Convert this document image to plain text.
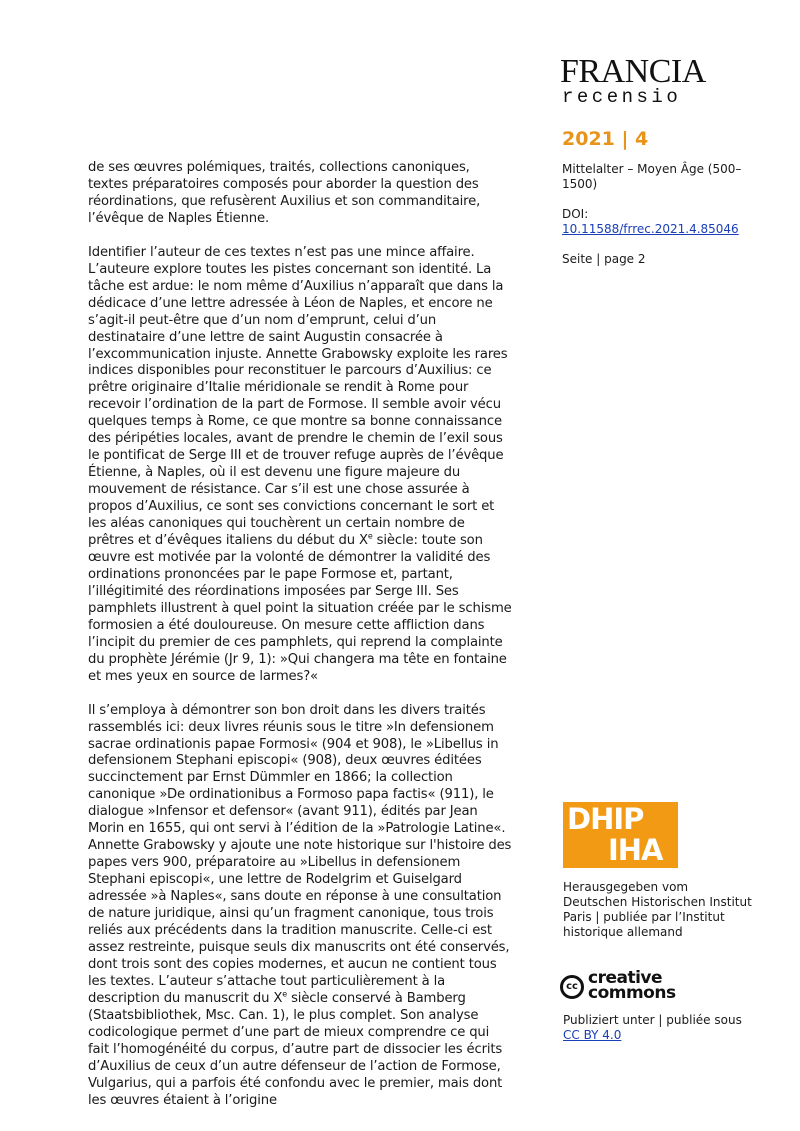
FRANCIA
recensio

de ses œuvres polémiques, traités, collections canoniques, textes préparatoires composés pour aborder la question des réordinations, que refusèrent Auxilius et son commanditaire, l’évêque de Naples Étienne.

Identifier l’auteur de ces textes n’est pas une mince affaire. L’auteure explore toutes les pistes concernant son identité. La tâche est ardue: le nom même d’Auxilius n’apparaît que dans la dédicace d’une lettre adressée à Léon de Naples, et encore ne s’agit-il peut-être que d’un nom d’emprunt, celui d’un destinataire d’une lettre de saint Augustin consacrée à l’excommunication injuste. Annette Grabowsky exploite les rares indices disponibles pour reconstituer le parcours d’Auxilius: ce prêtre originaire d’Italie méridionale se rendit à Rome pour recevoir l’ordination de la part de Formose. Il semble avoir vécu quelques temps à Rome, ce que montre sa bonne connaissance des péripéties locales, avant de prendre le chemin de l’exil sous le pontificat de Serge III et de trouver refuge auprès de l’évêque Étienne, à Naples, où il est devenu une figure majeure du mouvement de résistance. Car s’il est une chose assurée à propos d’Auxilius, ce sont ses convictions concernant le sort et les aléas canoniques qui touchèrent un certain nombre de prêtres et d’évêques italiens du début du Xe siècle: toute son œuvre est motivée par la volonté de démontrer la validité des ordinations prononcées par le pape Formose et, partant, l’illégitimité des réordinations imposées par Serge III. Ses pamphlets illustrent à quel point la situation créée par le schisme formosien a été douloureuse. On mesure cette affliction dans l’incipit du premier de ces pamphlets, qui reprend la complainte du prophète Jérémie (Jr 9, 1): »Qui changera ma tête en fontaine et mes yeux en source de larmes?«

Il s’employa à démontrer son bon droit dans les divers traités rassemblés ici: deux livres réunis sous le titre »In defensionem sacrae ordinationis papae Formosi« (904 et 908), le »Libellus in defensionem Stephani episcopi« (908), deux œuvres éditées succinctement par Ernst Dümmler en 1866; la collection canonique »De ordinationibus a Formoso papa factis« (911), le dialogue »Infensor et defensor« (avant 911), édités par Jean Morin en 1655, qui ont servi à l’édition de la »Patrologie Latine«. Annette Grabowsky y ajoute une note historique sur l'histoire des papes vers 900, préparatoire au »Libellus in defensionem Stephani episcopi«, une lettre de Rodelgrim et Guiselgard adressée »à Naples«, sans doute en réponse à une consultation de nature juridique, ainsi qu’un fragment canonique, tous trois reliés aux précédents dans la tradition manuscrite. Celle-ci est assez restreinte, puisque seuls dix manuscrits ont été conservés, dont trois sont des copies modernes, et aucun ne contient tous les textes. L’auteur s’attache tout particulièrement à la description du manuscrit du Xe siècle conservé à Bamberg (Staatsbibliothek, Msc. Can. 1), le plus complet. Son analyse codicologique permet d’une part de mieux comprendre ce qui fait l’homogénéité du corpus, d’autre part de dissocier les écrits d’Auxilius de ceux d’un autre défenseur de l’action de Formose, Vulgarius, qui a parfois été confondu avec le premier, mais dont les œuvres étaient à l’origine

2021 | 4
Mittelalter – Moyen Âge (500–1500)
DOI:
10.11588/frrec.2021.4.85046
Seite | page 2
DHIP
IHA
Herausgegeben vom Deutschen Historischen Institut Paris | publiée par l’Institut historique allemand
cc creative commons
Publiziert unter | publiée sous
CC BY 4.0
